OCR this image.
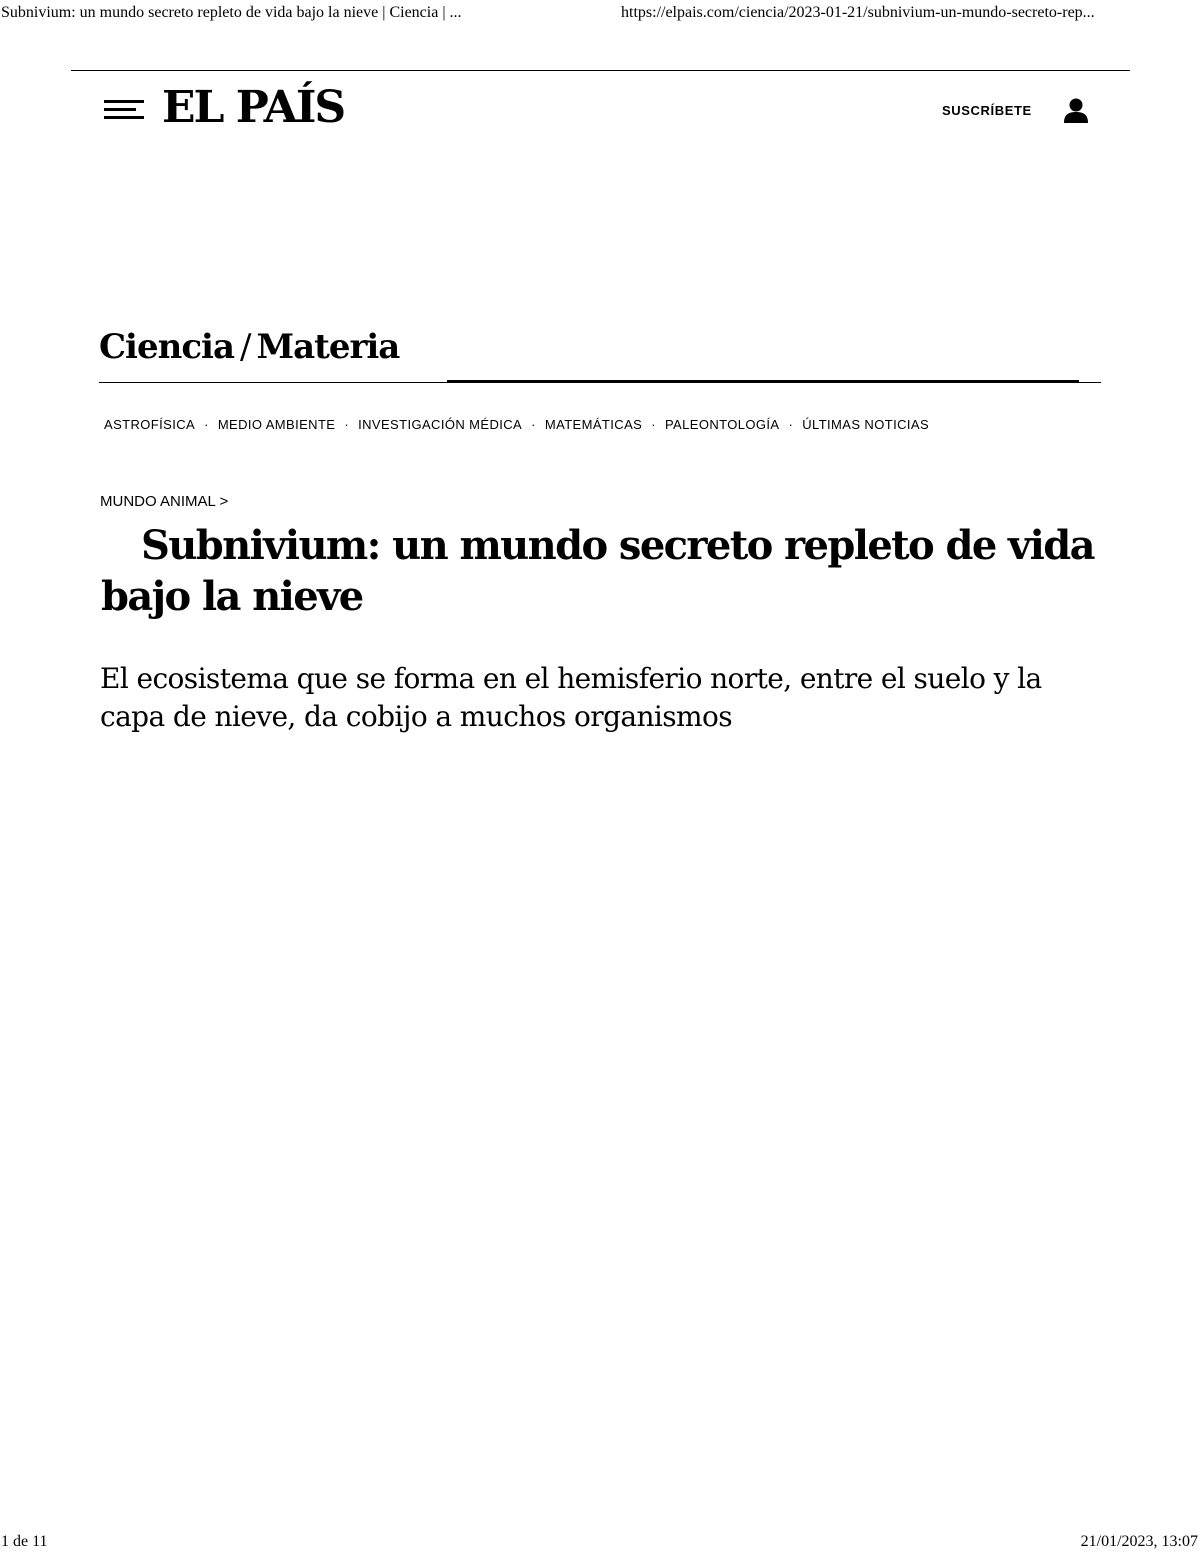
Subnivium: un mundo secreto repleto de vida bajo la nieve | Ciencia | ...	https://elpais.com/ciencia/2023-01-21/subnivium-un-mundo-secreto-rep...
EL PAÍS	SUSCRÍBETE
Ciencia / Materia
ASTROFÍSICA · MEDIO AMBIENTE · INVESTIGACIÓN MÉDICA · MATEMÁTICAS · PALEONTOLOGÍA · ÚLTIMAS NOTICIAS
MUNDO ANIMAL >
Subnivium: un mundo secreto repleto de vida bajo la nieve

El ecosistema que se forma en el hemisferio norte, entre el suelo y la capa de nieve, da cobijo a muchos organismos

1 de 11	21/01/2023, 13:07
